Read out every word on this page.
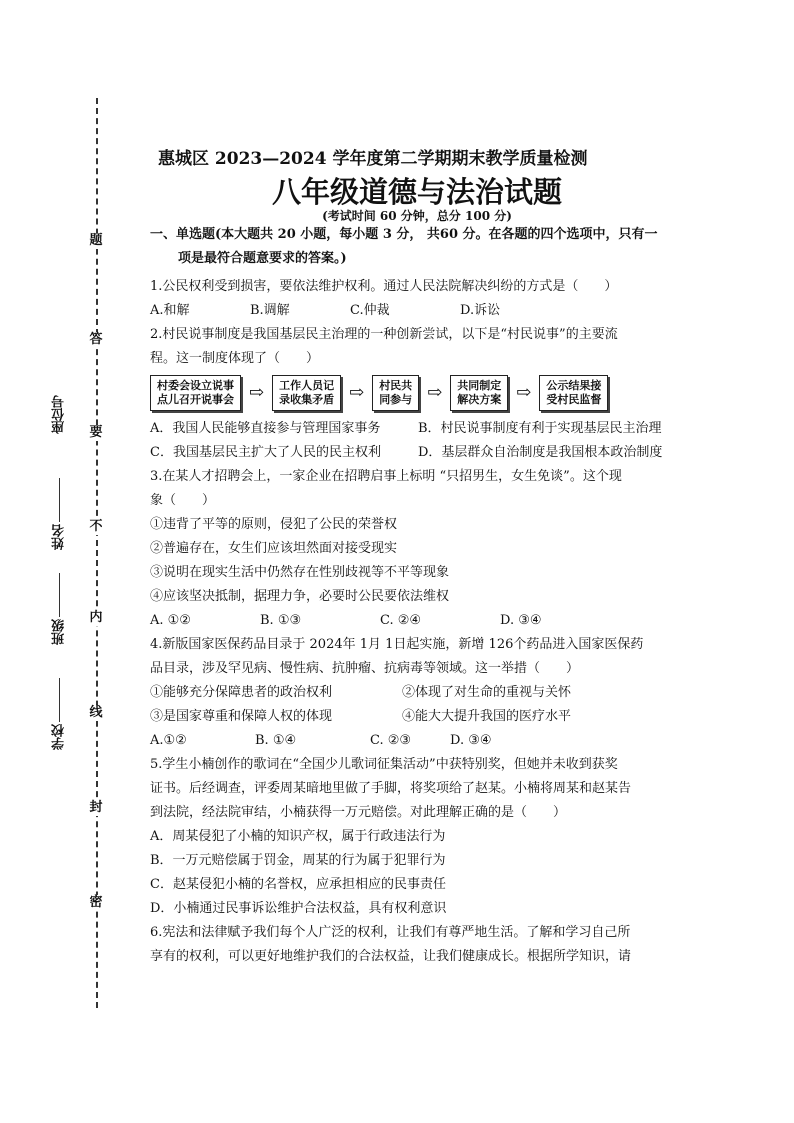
题
答
要
不
内
线
封
密
座位号
姓名
班级
学校
惠城区 2023—2024 学年度第二学期期末教学质量检测
八年级道德与法治试题
(考试时间 60 分钟，总分 100 分)

一、单选题(本大题共 20 小题，每小题 3 分， 共60 分。在各题的四个选项中，只有一
项是最符合题意要求的答案。)

1.公民权利受到损害，要依法维护权利。通过人民法院解决纠纷的方式是（　　）

A.和解	B.调解	C.仲裁	D.诉讼

2.村民说事制度是我国基层民主治理的一种创新尝试，以下是“村民说事”的主要流

程。这一制度体现了（　　）

村委会设立说事
点儿召开说事会 ⇨	工作人员记
录收集矛盾 ⇨	村民共
同参与 ⇨	共同制定
解决方案 ⇨	公示结果接
受村民监督
A．我国人民能够直接参与管理国家事务	B．村民说事制度有利于实现基层民主治理
C．我国基层民主扩大了人民的民主权利	D．基层群众自治制度是我国根本政治制度

3.在某人才招聘会上，一家企业在招聘启事上标明 “只招男生，女生免谈”。这个现

象（　　）

①违背了平等的原则，侵犯了公民的荣誉权

②普遍存在，女生们应该坦然面对接受现实

③说明在现实生活中仍然存在性别歧视等不平等现象

④应该坚决抵制，据理力争，必要时公民要依法维权

A. ①②	B. ①③	C. ②④	D. ③④

4.新版国家医保药品目录于 2024年 1月 1日起实施，新增 126个药品进入国家医保药

品目录，涉及罕见病、慢性病、抗肿瘤、抗病毒等领域。这一举措（　　）

①能够充分保障患者的政治权利	②体现了对生命的重视与关怀
③是国家尊重和保障人权的体现	④能大大提升我国的医疗水平
A.①②	B. ①④	C. ②③	D. ③④

5.学生小楠创作的歌词在“全国少儿歌词征集活动”中获特别奖，但她并未收到获奖

证书。后经调查，评委周某暗地里做了手脚，将奖项给了赵某。小楠将周某和赵某告

到法院，经法院审结，小楠获得一万元赔偿。对此理解正确的是（　　）

A．周某侵犯了小楠的知识产权，属于行政违法行为

B．一万元赔偿属于罚金，周某的行为属于犯罪行为

C．赵某侵犯小楠的名誉权，应承担相应的民事责任

D．小楠通过民事诉讼维护合法权益，具有权利意识

6.宪法和法律赋予我们每个人广泛的权利，让我们有尊严地生活。了解和学习自己所

享有的权利，可以更好地维护我们的合法权益，让我们健康成长。根据所学知识，请
